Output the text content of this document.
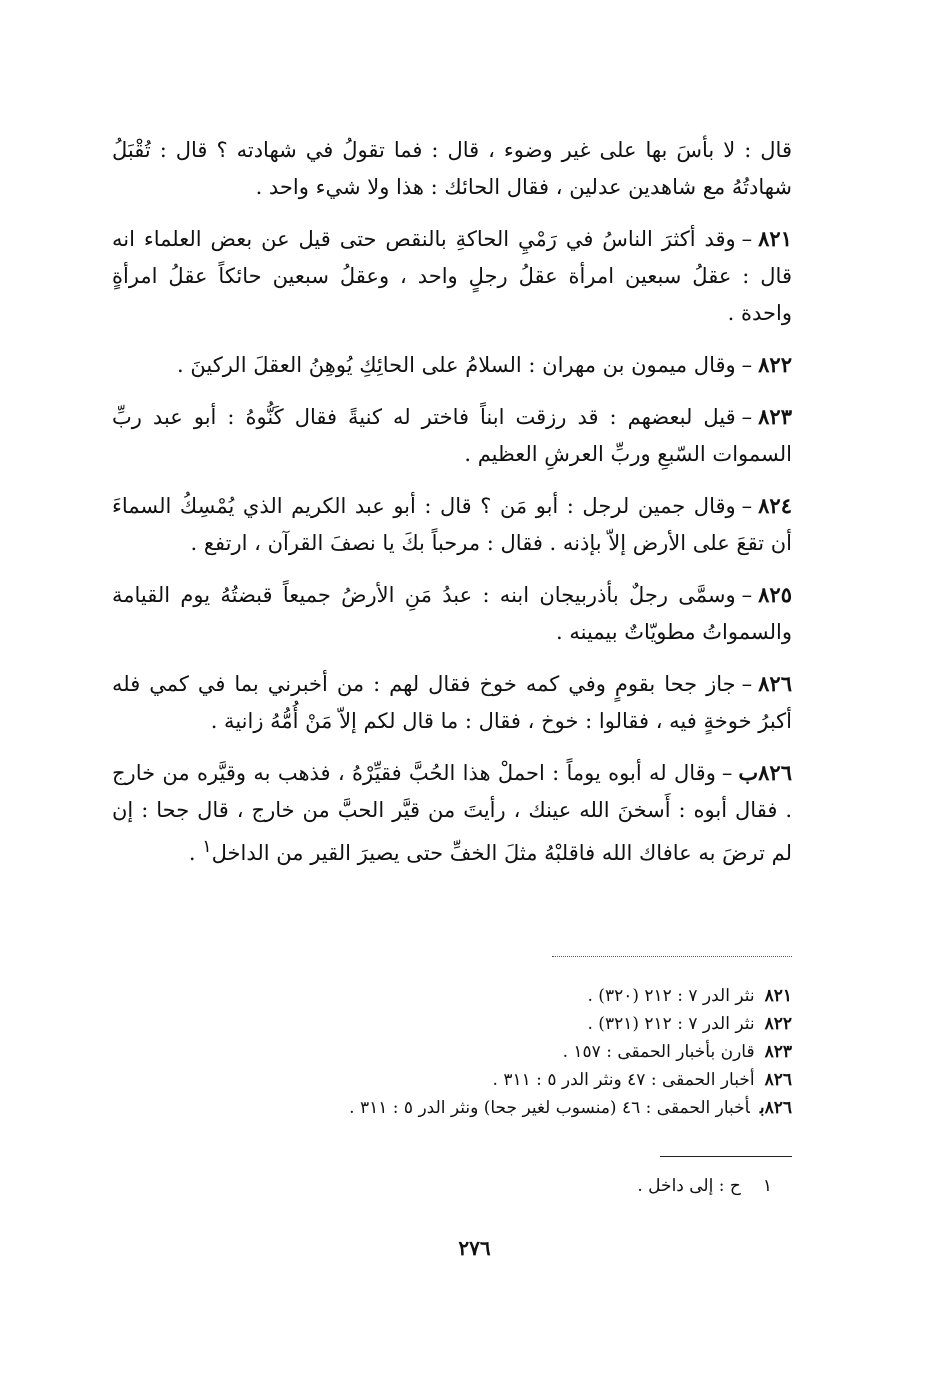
قال : لا بأسَ بها على غير وضوء ، قال : فما تقولُ في شهادته ؟ قال : تُقْبَلُ شهادتُهُ مع شاهدين عدلين ، فقال الحائك : هذا ولا شيء واحد .

٨٢١–وقد أكثرَ الناسُ في رَمْيِ الحاكةِ بالنقص حتى قيل عن بعض العلماء انه قال : عقلُ سبعين امرأة عقلُ رجلٍ واحد ، وعقلُ سبعين حائكاً عقلُ امرأةٍ واحدة .

٨٢٢–وقال ميمون بن مهران : السلامُ على الحائِكِ يُوهِنُ العقلَ الركينَ .

٨٢٣–قيل لبعضهم : قد رزقت ابناً فاختر له كنيةً فقال كَنُّوهُ : أبو عبد ربِّ السموات السّبعِ وربِّ العرشِ العظيم .

٨٢٤–وقال جمين لرجل : أبو مَن ؟ قال : أبو عبد الكريم الذي يُمْسِكُ السماءَ أن تقعَ على الأرض إلاّ بإذنه . فقال : مرحباً بكَ يا نصفَ القرآن ، ارتفع .

٨٢٥–وسمَّى رجلٌ بأذربيجان ابنه : عبدُ مَنِ الأرضُ جميعاً قبضتُهُ يوم القيامة والسمواتُ مطويّاتٌ بيمينه .

٨٢٦–جاز جحا بقومٍ وفي كمه خوخ فقال لهم : من أخبرني بما في كمي فله أكبرُ خوخةٍ فيه ، فقالوا : خوخ ، فقال : ما قال لكم إلاّ مَنْ أُمُّهُ زانية .

٨٢٦ب–وقال له أبوه يوماً : احملْ هذا الحُبَّ فقيِّرْهُ ، فذهب به وقيَّره من خارج . فقال أبوه : أَسخنَ الله عينك ، رأيتَ من قيَّر الحبَّ من خارج ، قال جحا : إن لم ترضَ به عافاك الله فاقلبْهُ مثلَ الخفِّ حتى يصيرَ القير من الداخل$^١$ .

٨٢١نثر الدر ٧ : ٢١٢ (٣٢٠) .
٨٢٢نثر الدر ٧ : ٢١٢ (٣٢١) .
٨٢٣قارن بأخبار الحمقى : ١٥٧ .
٨٢٦أخبار الحمقى : ٤٧ ونثر الدر ٥ : ٣١١ .
٨٢٦بأخبار الحمقى : ٤٦ (منسوب لغير جحا) ونثر الدر ٥ : ٣١١ .
١ح : إلى داخل .
٢٧٦
